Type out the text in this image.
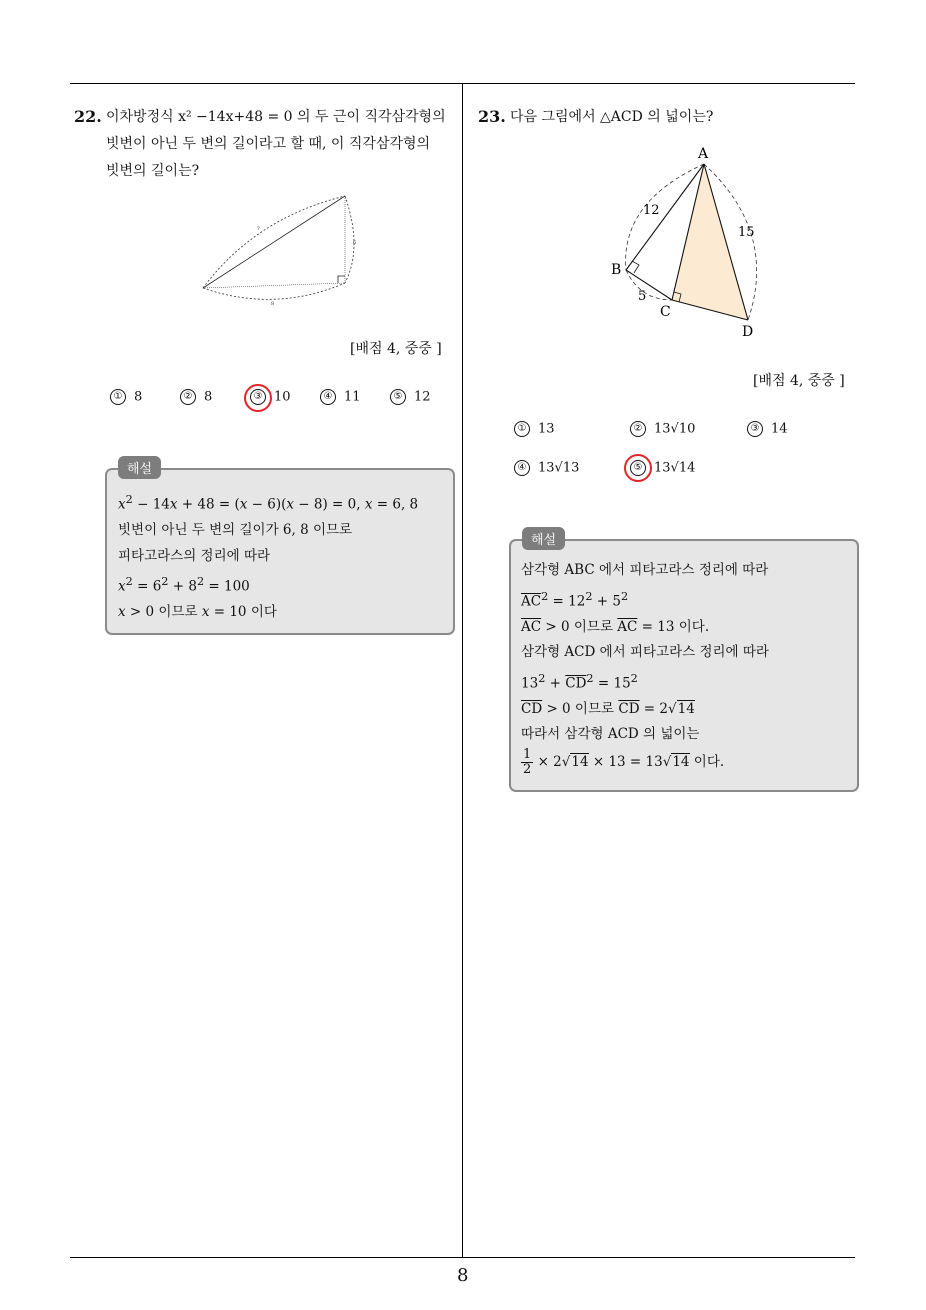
8
22. 이차방정식 x² −14x+48 = 0 의 두 근이 직각삼각형의
빗변이 아닌 두 변의 길이라고 할 때, 이 직각삼각형의
빗변의 길이는?
?
6
8
[배점 4, 중중 ]
① 8	② 8	③ 10	④ 11	⑤ 12
해설
$x^2 - 14x + 48 = (x - 6)(x - 8) = 0$, x = 6, 8
빗변이 아닌 두 변의 길이가 6, 8 이므로
피타고라스의 정리에 따라
$x^2 = 6^2 + 8^2 = 100$
x > 0 이므로 x = 10 이다
23. 다음 그림에서 △ACD 의 넓이는?
A
B
C
D
12
15
5
[배점 4, 중중 ]
① 13	② 13√10	③ 14
④ 13√13	⑤ 13√14
해설
삼각형 ABC 에서 피타고라스 정리에 따라
$\overline{AC}^2 = 12^2 + 5^2$
$\overline{AC} > 0$ 이므로 $\overline{AC} = 13$ 이다.
삼각형 ACD 에서 피타고라스 정리에 따라
$13^2 + \overline{CD}^2 = 15^2$
$\overline{CD} > 0$ 이므로 $\overline{CD} = 2√14$
따라서 삼각형 ACD 의 넓이는
$\frac{1}{2} \times 2√14 \times 13 = 13√14$ 이다.
